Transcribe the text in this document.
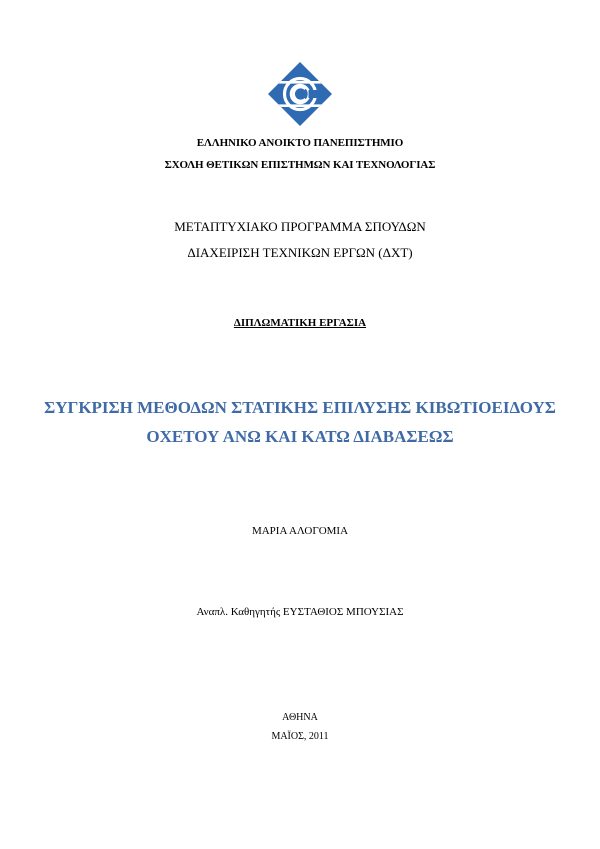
ΕΛΛΗΝΙΚΟ ΑΝΟΙΚΤΟ ΠΑΝΕΠΙΣΤΗΜΙΟ
ΣΧΟΛΗ ΘΕΤΙΚΩΝ ΕΠΙΣΤΗΜΩΝ ΚΑΙ ΤΕΧΝΟΛΟΓΙΑΣ
ΜΕΤΑΠΤΥΧΙΑΚΟ ΠΡΟΓΡΑΜΜΑ ΣΠΟΥΔΩΝ
ΔΙΑΧΕΙΡΙΣΗ ΤΕΧΝΙΚΩΝ ΕΡΓΩΝ (ΔΧΤ)
ΔΙΠΛΩΜΑΤΙΚΗ ΕΡΓΑΣΙΑ
ΣΥΓΚΡΙΣΗ ΜΕΘΟΔΩΝ ΣΤΑΤΙΚΗΣ ΕΠΙΛΥΣΗΣ ΚΙΒΩΤΙΟΕΙΔΟΥΣ
ΟΧΕΤΟΥ ΑΝΩ ΚΑΙ ΚΑΤΩ ΔΙΑΒΑΣΕΩΣ
ΜΑΡΙΑ ΑΛΟΓΟΜΙΑ
Αναπλ. Καθηγητής ΕΥΣΤΑΘΙΟΣ ΜΠΟΥΣΙΑΣ
ΑΘΗΝΑ
ΜΑΪΟΣ, 2011
